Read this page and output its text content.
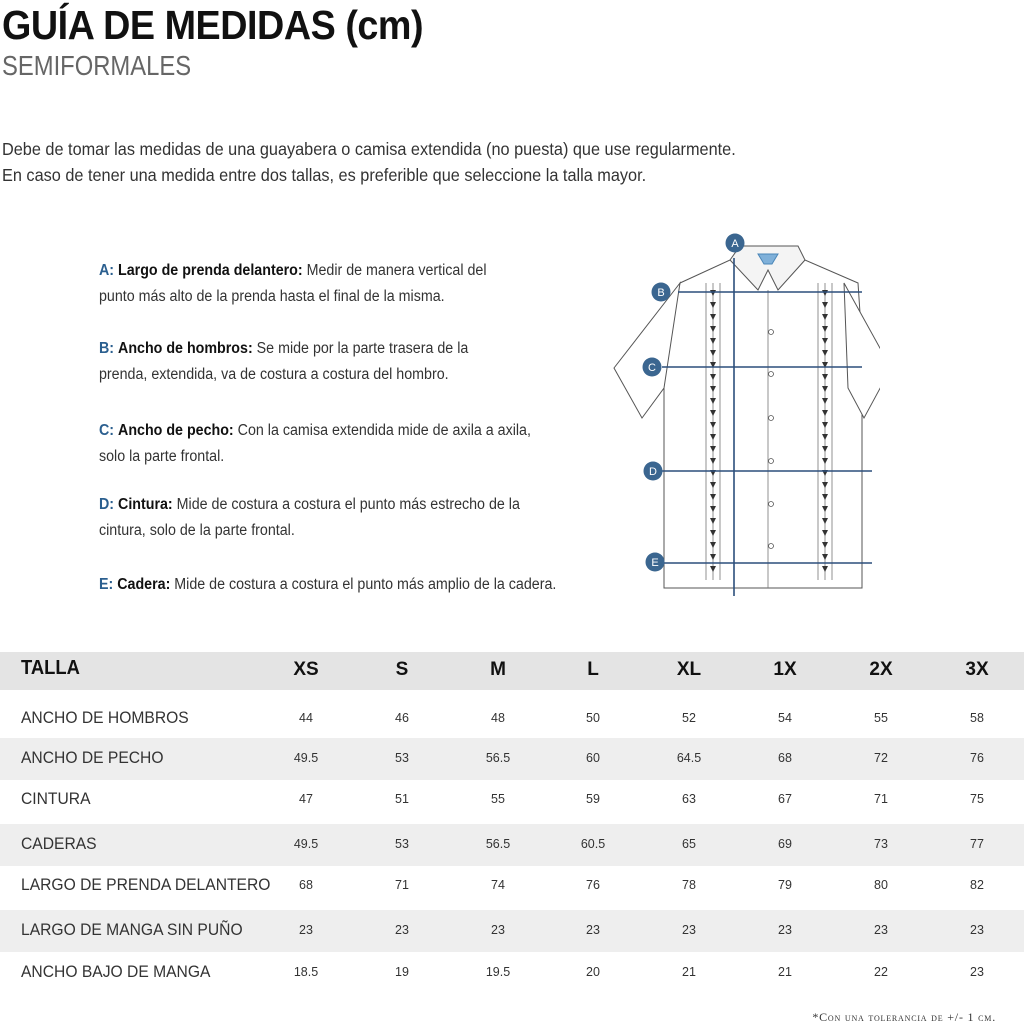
GUÍA DE MEDIDAS (cm)
SEMIFORMALES

Debe de tomar las medidas de una guayabera o camisa extendida (no puesta) que use regularmente.

En caso de tener una medida entre dos tallas, es preferible que seleccione la talla mayor.

A: Largo de prenda delantero: Medir de manera vertical del
punto más alto de la prenda hasta el final de la misma.
B: Ancho de hombros: Se mide por la parte trasera de la
prenda, extendida, va de costura a costura del hombro.
C: Ancho de pecho: Con la camisa extendida mide de axila a axila,
solo la parte frontal.
D: Cintura: Mide de costura a costura el punto más estrecho de la
cintura, solo de la parte frontal.
E: Cadera: Mide de costura a costura el punto más amplio de la cadera.

A
B
C
D
E
TALLA	XS	S	M	L	XL	1X	2X	3X
ANCHO DE HOMBROS	44	46	48	50	52	54	55	58
ANCHO DE PECHO	49.5	53	56.5	60	64.5	68	72	76
CINTURA	47	51	55	59	63	67	71	75
CADERAS	49.5	53	56.5	60.5	65	69	73	77
LARGO DE PRENDA DELANTERO	68	71	74	76	78	79	80	82
LARGO DE MANGA SIN PUÑO	23	23	23	23	23	23	23	23
ANCHO BAJO DE MANGA	18.5	19	19.5	20	21	21	22	23
*Con una tolerancia de +/- 1 cm.
